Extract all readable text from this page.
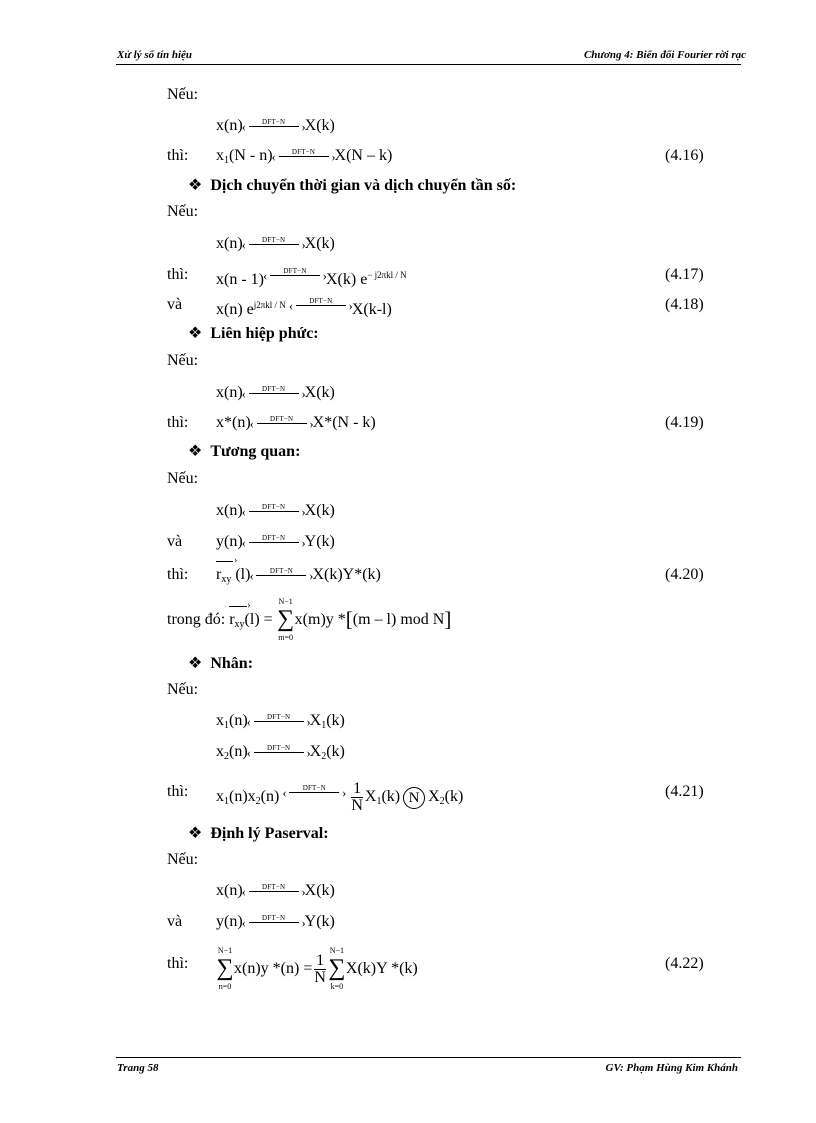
Xử lý số tín hiệu	Chương 4: Biến đổi Fourier rời rạc
Nếu:
x(n)	DFT−N
‹	› X(k)
thì: $x_1(N - n)$	DFT−N
‹	› X(N – k)	(4.16)
❖ Dịch chuyển thời gian và dịch chuyển tần số:
Nếu:
x(n)	DFT−N
‹	› X(k)
thì: x(n - 1)	DFT−N
‹	› X(k) $e^{- j2\pi kl / N}$	(4.17)
và x(n) $e^{j2\pi kl / N}$	DFT−N
‹	› X(k-l)	(4.18)
❖ Liên hiệp phức:
Nếu:
x(n)	DFT−N
‹	› X(k)
thì: x*(n)	DFT−N
‹	› X*(N - k)	(4.19)
❖ Tương quan:
Nếu:
x(n)	DFT−N
‹	› X(k)
và y(n)	DFT−N
‹	› Y(k)
thì: $r_{xy}$
›
(l)	DFT−N
‹	› X(k)Y*(k)	(4.20)
trong đó: $r_{xy}$
›
(l) =
N−1
∑
m=0
x(m)y *[(m – l) mod N]
❖ Nhân:
Nếu:
$x_1(n)$	DFT−N
‹	› $X_1(k)$
$x_2(n)$	DFT−N
‹	› $X_2(k)$
thì: $x_1(n)x_2(n)$
DFT−N
‹	›
$\frac{1}{N} X_1(k)$ N $X_2(k)$	(4.21)
❖ Định lý Paserval:
Nếu:
x(n)	DFT−N
‹	› X(k)
và y(n)	DFT−N
‹	› Y(k)
thì:
N−1
∑
n=0
x(n)y $*(n) = \frac{1}{N}$
N−1
∑
k=0
X(k)Y *(k)	(4.22)
Trang 58	GV: Phạm Hùng Kim Khánh
